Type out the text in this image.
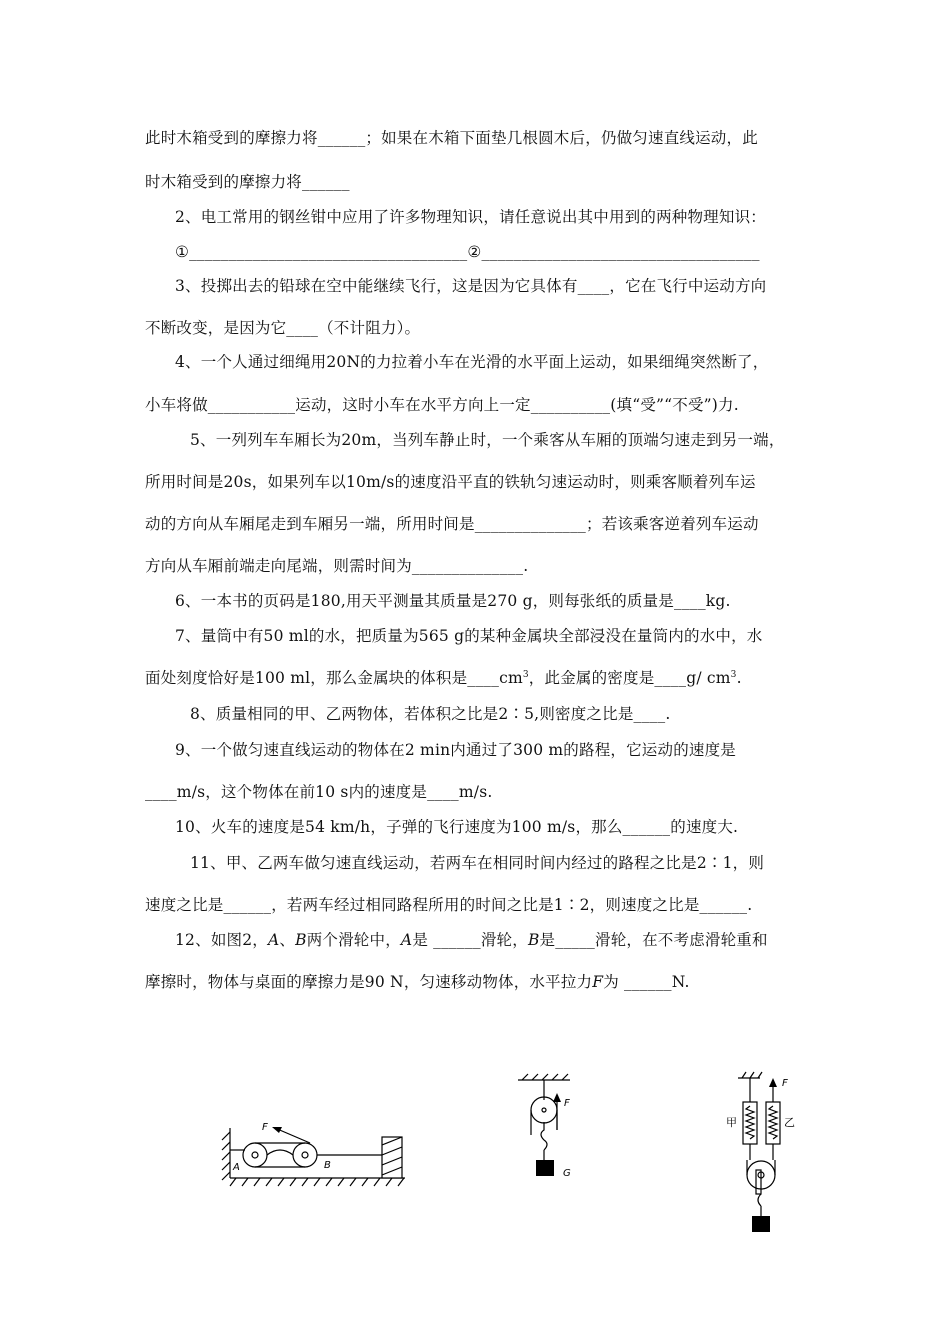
此时木箱受到的摩擦力将______；如果在木箱下面垫几根圆木后，仍做匀速直线运动，此
时木箱受到的摩擦力将______
2、电工常用的钢丝钳中应用了许多物理知识，请任意说出其中用到的两种物理知识：
①___________________________________②___________________________________
3、投掷出去的铅球在空中能继续飞行，这是因为它具体有____，它在飞行中运动方向
不断改变，是因为它____（不计阻力）。
4、一个人通过细绳用20N的力拉着小车在光滑的水平面上运动，如果细绳突然断了，
小车将做___________运动，这时小车在水平方向上一定__________(填“受”“不受”)力.
5、一列列车车厢长为20m，当列车静止时，一个乘客从车厢的顶端匀速走到另一端，
所用时间是20s，如果列车以10m/s的速度沿平直的铁轨匀速运动时，则乘客顺着列车运
动的方向从车厢尾走到车厢另一端，所用时间是______________；若该乘客逆着列车运动
方向从车厢前端走向尾端，则需时间为______________.
6、一本书的页码是180,用天平测量其质量是270 g，则每张纸的质量是____kg.
7、量筒中有50 ml的水，把质量为565 g的某种金属块全部浸没在量筒内的水中，水
面处刻度恰好是100 ml，那么金属块的体积是$\_\_\_\_cm^3$，此金属的密度是____g/ $cm^3$.
8、质量相同的甲、乙两物体，若体积之比是2∶5,则密度之比是____.
9、一个做匀速直线运动的物体在2 min内通过了300 m的路程，它运动的速度是
____m/s，这个物体在前10 s内的速度是____m/s.
10、火车的速度是54 km/h，子弹的飞行速度为100 m/s，那么______的速度大.
11、甲、乙两车做匀速直线运动，若两车在相同时间内经过的路程之比是2∶1，则
速度之比是______，若两车经过相同路程所用的时间之比是1∶2，则速度之比是______.
12、如图2，A、B两个滑轮中，A是 ______滑轮，B是_____滑轮，在不考虑滑轮重和
摩擦时，物体与桌面的摩擦力是90 N，匀速移动物体，水平拉力F为 ______N.
F
A	B
F
G
F
甲	乙
